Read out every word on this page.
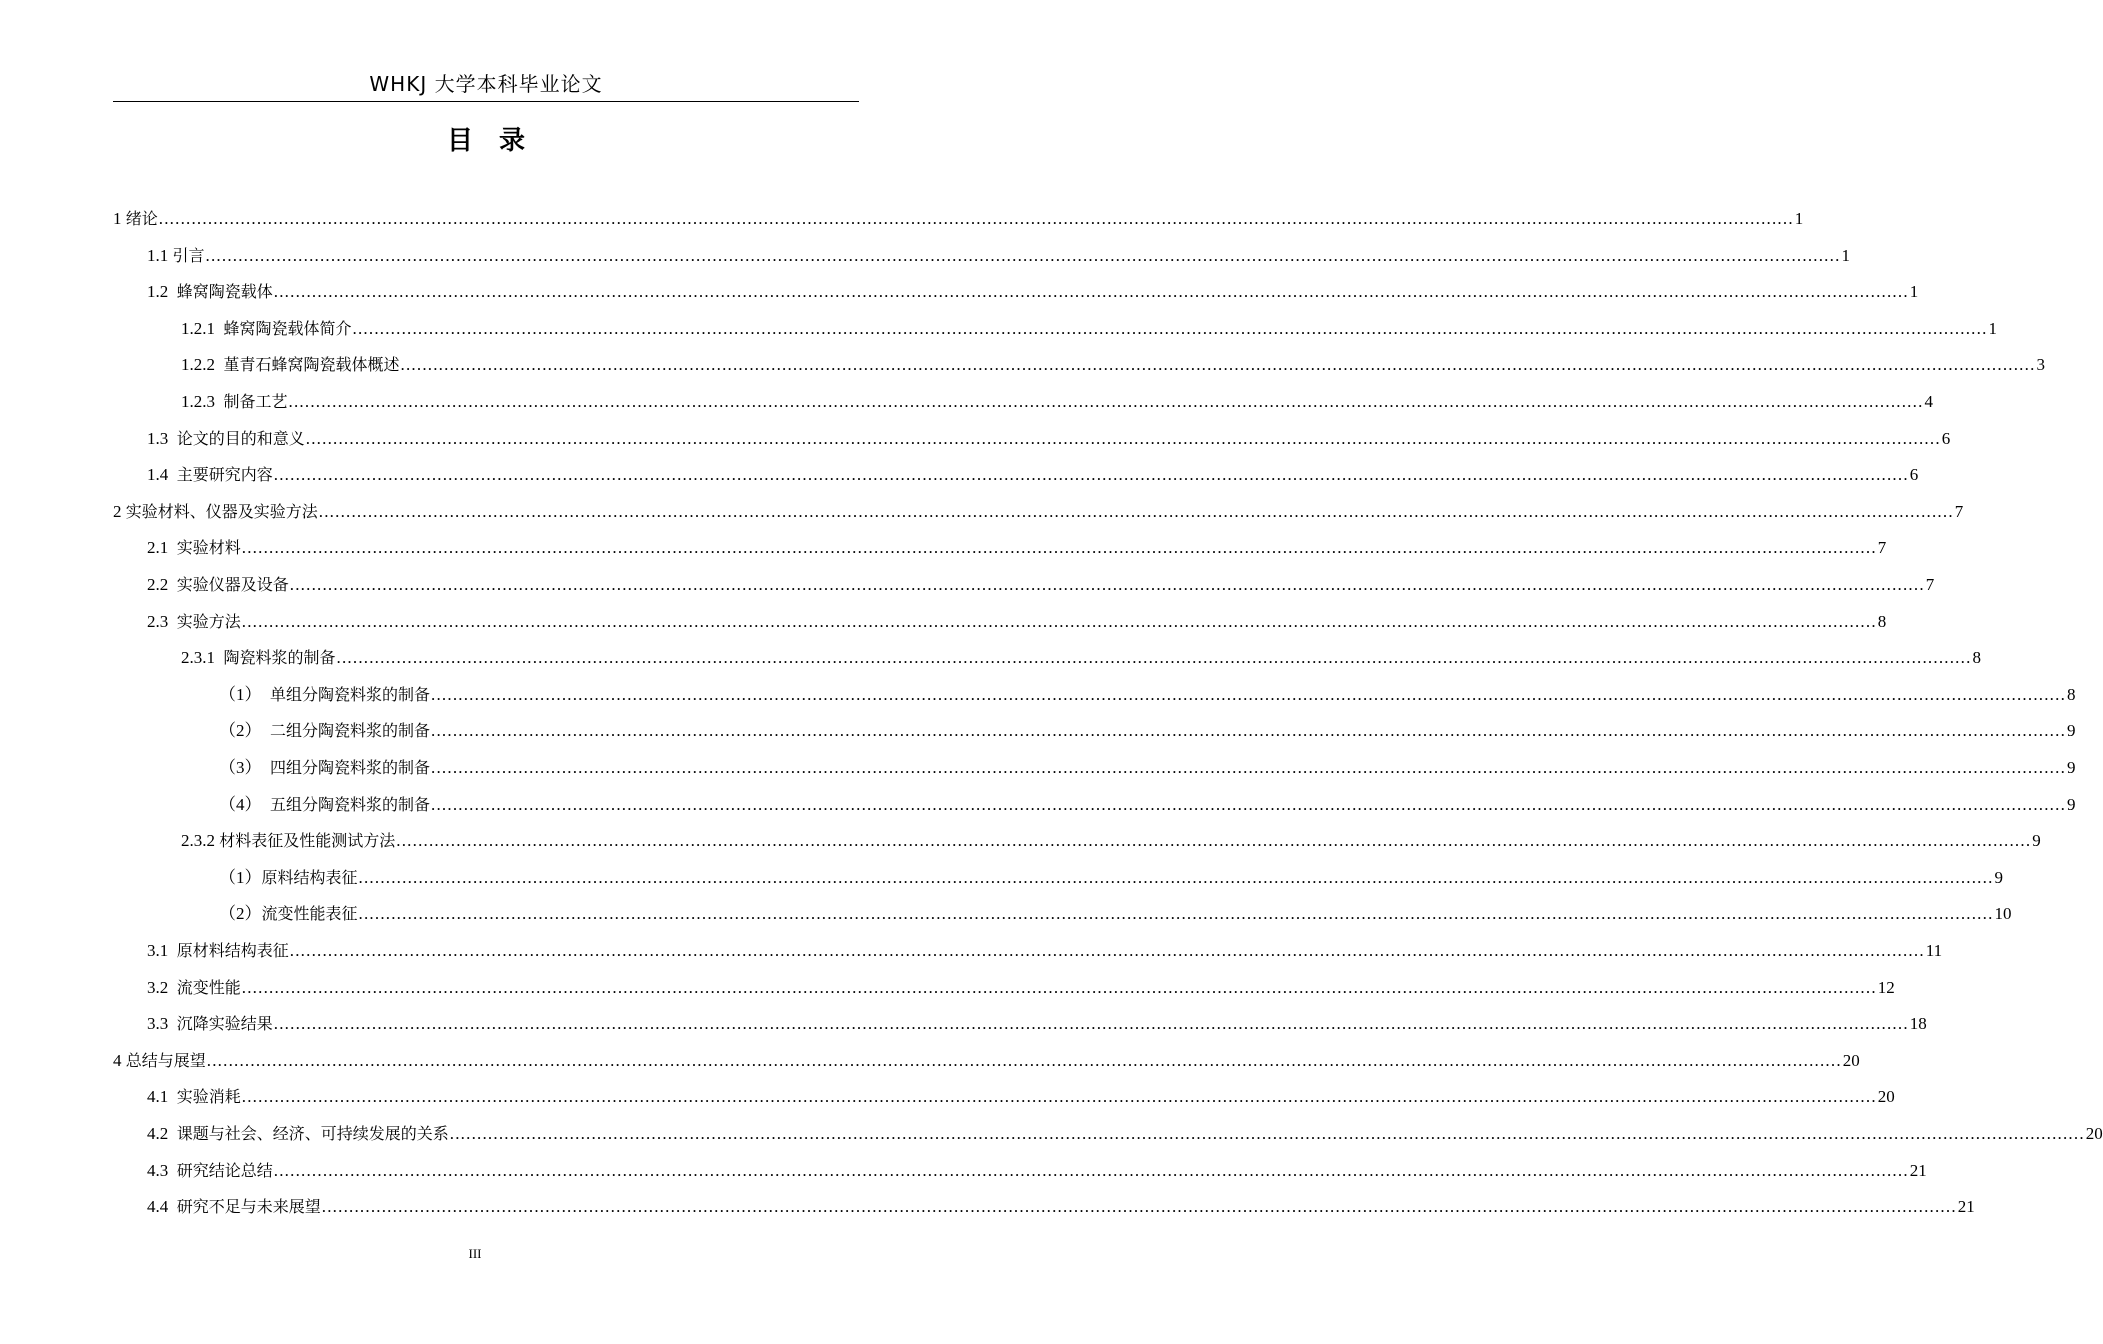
WHKJ 大学本科毕业论文
目 录
1 绪论 ............................................................................................................................................................................................................................................................................................................ 1
1.1 引言 ............................................................................................................................................................................................................................................................................................................ 1
1.2  蜂窝陶瓷载体 ............................................................................................................................................................................................................................................................................................................ 1
1.2.1  蜂窝陶瓷载体简介 ............................................................................................................................................................................................................................................................................................................ 1
1.2.2  堇青石蜂窝陶瓷载体概述 ............................................................................................................................................................................................................................................................................................................ 3
1.2.3  制备工艺 ............................................................................................................................................................................................................................................................................................................ 4
1.3  论文的目的和意义 ............................................................................................................................................................................................................................................................................................................ 6
1.4  主要研究内容 ............................................................................................................................................................................................................................................................................................................ 6
2 实验材料、仪器及实验方法 ............................................................................................................................................................................................................................................................................................................ 7
2.1  实验材料 ............................................................................................................................................................................................................................................................................................................ 7
2.2  实验仪器及设备 ............................................................................................................................................................................................................................................................................................................ 7
2.3  实验方法 ............................................................................................................................................................................................................................................................................................................ 8
2.3.1  陶瓷料浆的制备 ............................................................................................................................................................................................................................................................................................................ 8
（1）  单组分陶瓷料浆的制备 ............................................................................................................................................................................................................................................................................................................ 8
（2）  二组分陶瓷料浆的制备 ............................................................................................................................................................................................................................................................................................................ 9
（3）  四组分陶瓷料浆的制备 ............................................................................................................................................................................................................................................................................................................ 9
（4）  五组分陶瓷料浆的制备 ............................................................................................................................................................................................................................................................................................................ 9
2.3.2 材料表征及性能测试方法 ............................................................................................................................................................................................................................................................................................................ 9
（1）原料结构表征 ............................................................................................................................................................................................................................................................................................................ 9
（2）流变性能表征 ............................................................................................................................................................................................................................................................................................................ 10
3.1  原材料结构表征 ............................................................................................................................................................................................................................................................................................................ 11
3.2  流变性能 ............................................................................................................................................................................................................................................................................................................ 12
3.3  沉降实验结果 ............................................................................................................................................................................................................................................................................................................ 18
4 总结与展望 ............................................................................................................................................................................................................................................................................................................ 20
4.1  实验消耗 ............................................................................................................................................................................................................................................................................................................ 20
4.2  课题与社会、经济、可持续发展的关系 ............................................................................................................................................................................................................................................................................................................ 20
4.3  研究结论总结 ............................................................................................................................................................................................................................................................................................................ 21
4.4  研究不足与未来展望 ............................................................................................................................................................................................................................................................................................................ 21
III
